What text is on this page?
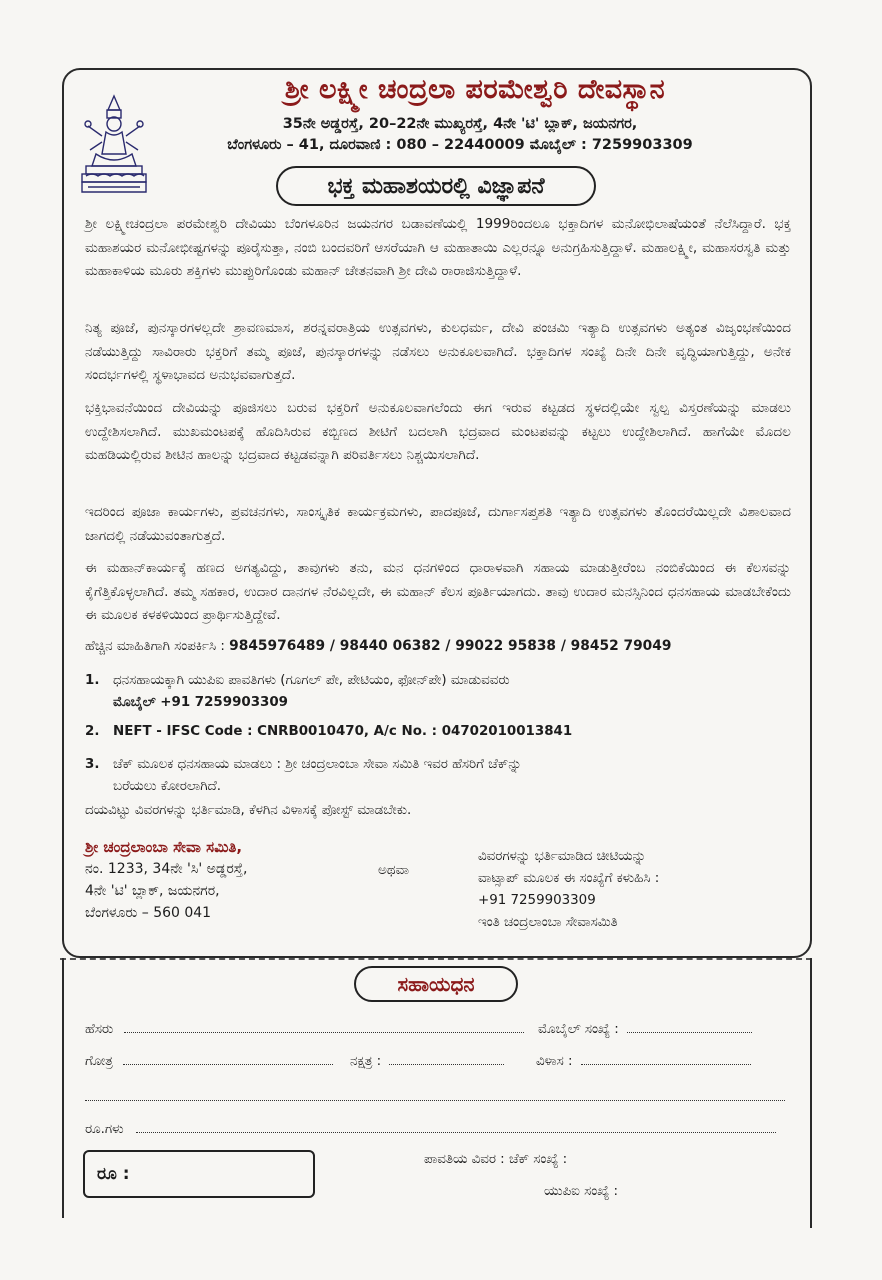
ಶ್ರೀ ಲಕ್ಷ್ಮೀ ಚಂದ್ರಲಾ ಪರಮೇಶ್ವರಿ ದೇವಸ್ಥಾನ
35ನೇ ಅಡ್ಡರಸ್ತೆ, 20–22ನೇ ಮುಖ್ಯರಸ್ತೆ, 4ನೇ 'ಟಿ' ಬ್ಲಾಕ್, ಜಯನಗರ,
ಬೆಂಗಳೂರು – 41, ದೂರವಾಣಿ : 080 – 22440009 ಮೊಬೈಲ್ : 7259903309
ಭಕ್ತ ಮಹಾಶಯರಲ್ಲಿ ವಿಜ್ಞಾಪನೆ
ಶ್ರೀ ಲಕ್ಷ್ಮೀಚಂದ್ರಲಾ ಪರಮೇಶ್ವರಿ ದೇವಿಯು ಬೆಂಗಳೂರಿನ ಜಯನಗರ ಬಡಾವಣೆಯಲ್ಲಿ 1999ರಿಂದಲೂ ಭಕ್ತಾದಿಗಳ ಮನೋಭಿಲಾಷೆಯಂತೆ ನೆಲೆಸಿದ್ದಾರೆ. ಭಕ್ತ ಮಹಾಶಯರ ಮನೋಭೀಷ್ಟಗಳನ್ನು ಪೂರೈಸುತ್ತಾ, ನಂಬಿ ಬಂದವರಿಗೆ ಆಸರೆಯಾಗಿ ಆ ಮಹಾತಾಯಿ ಎಲ್ಲರನ್ನೂ ಅನುಗ್ರಹಿಸುತ್ತಿದ್ದಾಳೆ. ಮಹಾಲಕ್ಷ್ಮೀ, ಮಹಾಸರಸ್ವತಿ ಮತ್ತು ಮಹಾಕಾಳಿಯ ಮೂರು ಶಕ್ತಿಗಳು ಮುಪ್ಪುರಿಗೊಂಡು ಮಹಾನ್ ಚೇತನವಾಗಿ ಶ್ರೀ ದೇವಿ ರಾರಾಜಿಸುತ್ತಿದ್ದಾಳೆ.
ನಿತ್ಯ ಪೂಜೆ, ಪುನಸ್ಕಾರಗಳಲ್ಲದೇ ಶ್ರಾವಣಮಾಸ, ಶರನ್ನವರಾತ್ರಿಯ ಉತ್ಸವಗಳು, ಕುಲಧರ್ಮ, ದೇವಿ ಪಂಚಮಿ ಇತ್ಯಾದಿ ಉತ್ಸವಗಳು ಅತ್ಯಂತ ವಿಜೃಂಭಣೆಯಿಂದ ನಡೆಯುತ್ತಿದ್ದು ಸಾವಿರಾರು ಭಕ್ತರಿಗೆ ತಮ್ಮ ಪೂಜೆ, ಪುನಸ್ಕಾರಗಳನ್ನು ನಡೆಸಲು ಅನುಕೂಲವಾಗಿದೆ. ಭಕ್ತಾದಿಗಳ ಸಂಖ್ಯೆ ದಿನೇ ದಿನೇ ವೃದ್ಧಿಯಾಗುತ್ತಿದ್ದು, ಅನೇಕ ಸಂದರ್ಭಗಳಲ್ಲಿ ಸ್ಥಳಾಭಾವದ ಅನುಭವವಾಗುತ್ತದೆ.
ಭಕ್ತಿಭಾವನೆಯಿಂದ ದೇವಿಯನ್ನು ಪೂಜಿಸಲು ಬರುವ ಭಕ್ತರಿಗೆ ಅನುಕೂಲವಾಗಲೆಂದು ಈಗ ಇರುವ ಕಟ್ಟಡದ ಸ್ಥಳದಲ್ಲಿಯೇ ಸ್ವಲ್ಪ ವಿಸ್ತರಣೆಯನ್ನು ಮಾಡಲು ಉದ್ದೇಶಿಸಲಾಗಿದೆ. ಮುಖಮಂಟಪಕ್ಕೆ ಹೊದಿಸಿರುವ ಕಬ್ಬಿಣದ ಶೀಟಿಗೆ ಬದಲಾಗಿ ಭದ್ರವಾದ ಮಂಟಪವನ್ನು ಕಟ್ಟಲು ಉದ್ದೇಶಿಲಾಗಿದೆ. ಹಾಗೆಯೇ ಮೊದಲ ಮಹಡಿಯಲ್ಲಿರುವ ಶೀಟಿನ ಹಾಲನ್ನು ಭದ್ರವಾದ ಕಟ್ಟಡವನ್ನಾಗಿ ಪರಿವರ್ತಿಸಲು ನಿಶ್ಚಯಿಸಲಾಗಿದೆ.
ಇದರಿಂದ ಪೂಜಾ ಕಾರ್ಯಗಳು, ಪ್ರವಚನಗಳು, ಸಾಂಸ್ಕೃತಿಕ ಕಾರ್ಯಕ್ರಮಗಳು, ಪಾದಪೂಜೆ, ದುರ್ಗಾಸಪ್ತಶತಿ ಇತ್ಯಾದಿ ಉತ್ಸವಗಳು ತೊಂದರೆಯಿಲ್ಲದೇ ವಿಶಾಲವಾದ ಜಾಗದಲ್ಲಿ ನಡೆಯುವಂತಾಗುತ್ತದೆ.
ಈ ಮಹಾನ್‌ಕಾರ್ಯಕ್ಕೆ ಹಣದ ಅಗತ್ಯವಿದ್ದು, ತಾವುಗಳು ತನು, ಮನ ಧನಗಳಿಂದ ಧಾರಾಳವಾಗಿ ಸಹಾಯ ಮಾಡುತ್ತೀರೆಂಬ ನಂಬಿಕೆಯಿಂದ ಈ ಕೆಲಸವನ್ನು ಕೈಗೆತ್ತಿಕೊಳ್ಳಲಾಗಿದೆ. ತಮ್ಮ ಸಹಕಾರ, ಉದಾರ ದಾನಗಳ ನೆರವಿಲ್ಲದೇ, ಈ ಮಹಾನ್ ಕೆಲಸ ಪೂರ್ತಿಯಾಗದು. ತಾವು ಉದಾರ ಮನಸ್ಸಿನಿಂದ ಧನಸಹಾಯ ಮಾಡಬೇಕೆಂದು ಈ ಮೂಲಕ ಕಳಕಳಿಯಿಂದ ಪ್ರಾರ್ಥಿಸುತ್ತಿದ್ದೇವೆ.
ಹೆಚ್ಚಿನ ಮಾಹಿತಿಗಾಗಿ ಸಂಪರ್ಕಿಸಿ : 9845976489 / 98440 06382 / 99022 95838 / 98452 79049
1. ಧನಸಹಾಯಕ್ಕಾಗಿ ಯುಪಿಐ ಪಾವತಿಗಳು (ಗೂಗಲ್ ಪೇ, ಪೇಟಿಯಂ, ಫೋನ್‌ಪೇ) ಮಾಡುವವರು
ಮೊಬೈಲ್ +91 7259903309
2. NEFT - IFSC Code : CNRB0010470, A/c No. : 04702010013841
3. ಚೆಕ್ ಮೂಲಕ ಧನಸಹಾಯ ಮಾಡಲು : ಶ್ರೀ ಚಂದ್ರಲಾಂಬಾ ಸೇವಾ ಸಮಿತಿ ಇವರ ಹೆಸರಿಗೆ ಚೆಕ್‌ನ್ನು
ಬರೆಯಲು ಕೋರಲಾಗಿದೆ.
ದಯವಿಟ್ಟು ವಿವರಗಳನ್ನು ಭರ್ತಿಮಾಡಿ, ಕೆಳಗಿನ ವಿಳಾಸಕ್ಕೆ ಪೋಸ್ಟ್ ಮಾಡಬೇಕು.
ಶ್ರೀ ಚಂದ್ರಲಾಂಬಾ ಸೇವಾ ಸಮಿತಿ,
ನಂ. 1233, 34ನೇ 'ಸಿ' ಅಡ್ಡರಸ್ತೆ,
4ನೇ 'ಟಿ' ಬ್ಲಾಕ್, ಜಯನಗರ,
ಬೆಂಗಳೂರು – 560 041
ಅಥವಾ
ವಿವರಗಳನ್ನು ಭರ್ತಿಮಾಡಿದ ಚೀಟಿಯನ್ನು
ವಾಟ್ಸಾಪ್ ಮೂಲಕ ಈ ಸಂಖ್ಯೆಗೆ ಕಳುಹಿಸಿ :
+91 7259903309
ಇಂತಿ ಚಂದ್ರಲಾಂಬಾ ಸೇವಾಸಮಿತಿ
ಸಹಾಯಧನ
ಹೆಸರು	ಮೊಬೈಲ್ ಸಂಖ್ಯೆ :
ಗೋತ್ರ	ನಕ್ಷತ್ರ :	ವಿಳಾಸ :
ರೂ.ಗಳು
ರೂ :
ಪಾವತಿಯ ವಿವರ : ಚೆಕ್ ಸಂಖ್ಯೆ :
ಯುಪಿಐ ಸಂಖ್ಯೆ :
